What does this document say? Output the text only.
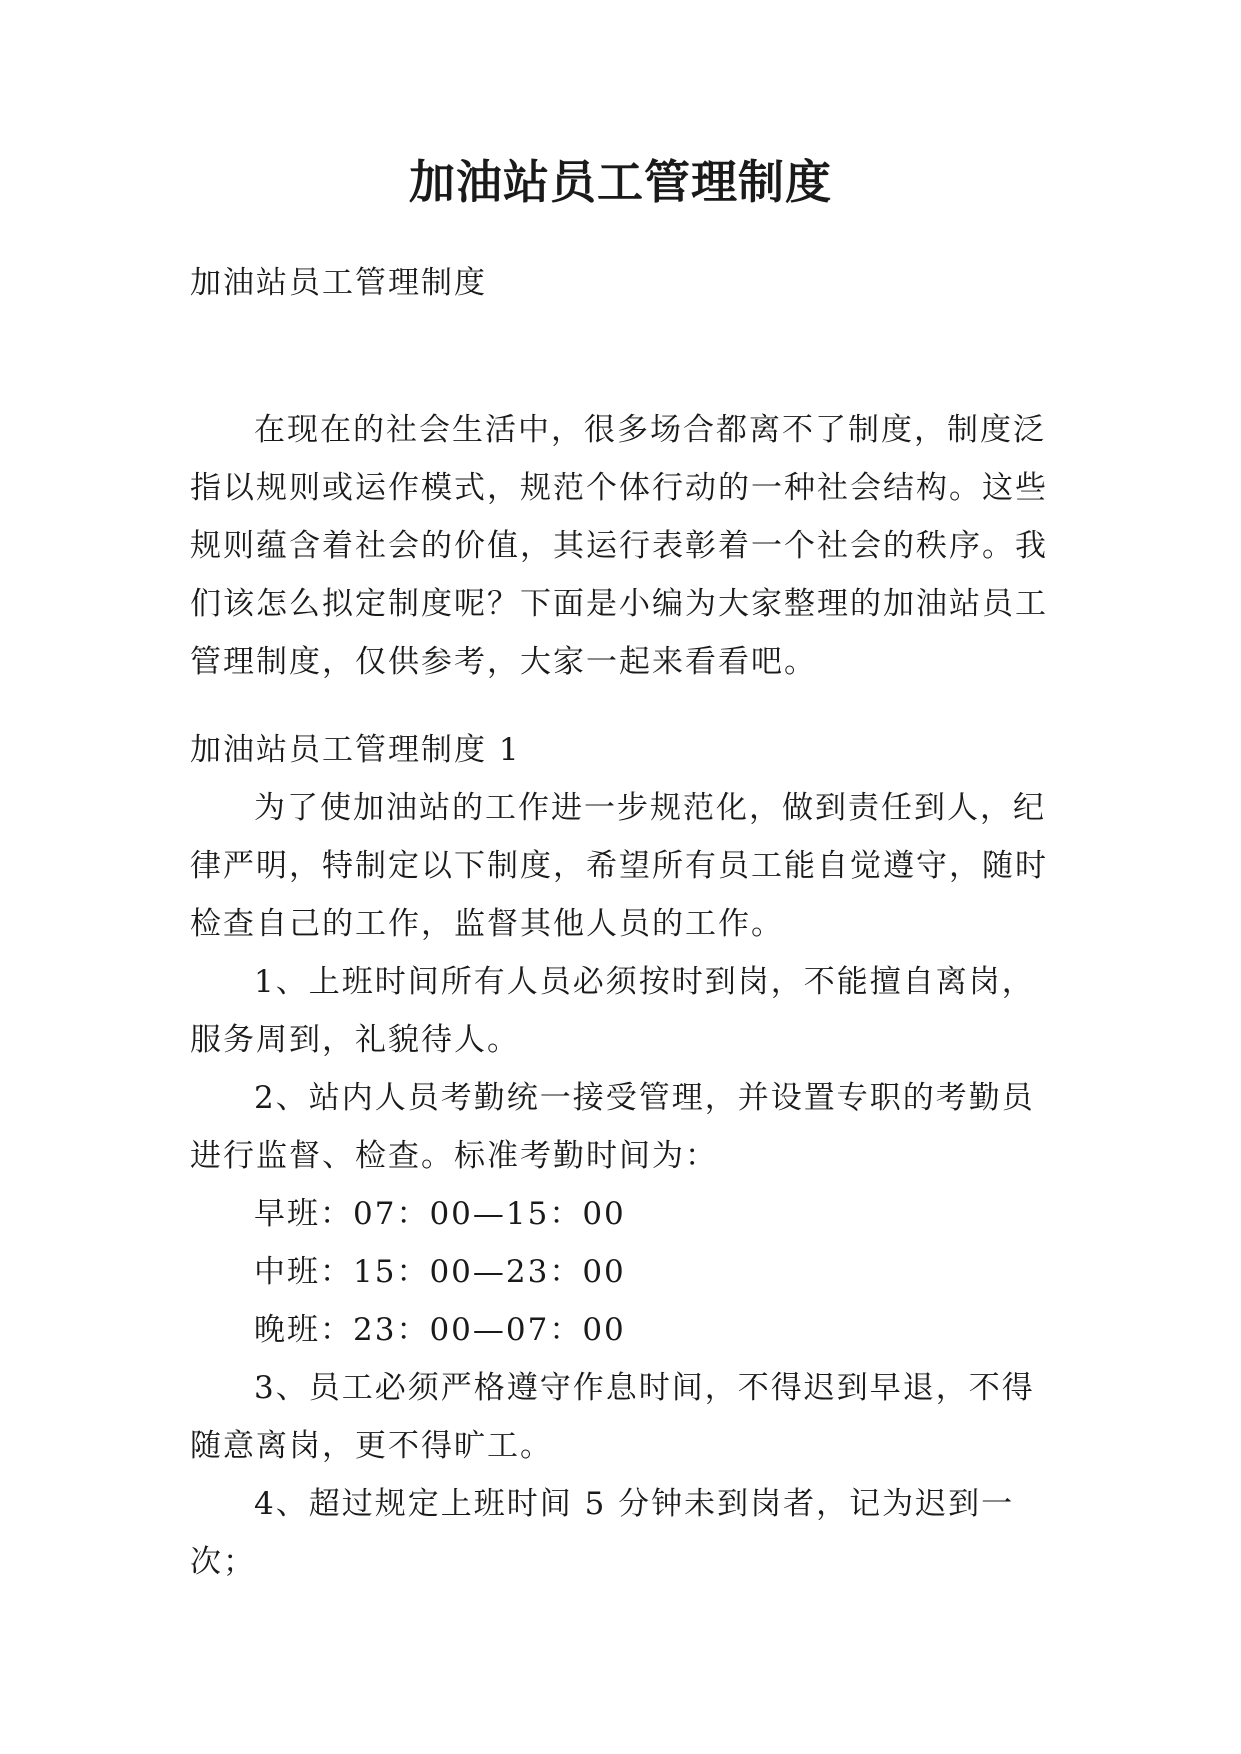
加油站员工管理制度

加油站员工管理制度

在现在的社会生活中，很多场合都离不了制度，制度泛指以规则或运作模式，规范个体行动的一种社会结构。这些规则蕴含着社会的价值，其运行表彰着一个社会的秩序。我们该怎么拟定制度呢？下面是小编为大家整理的加油站员工管理制度，仅供参考，大家一起来看看吧。

加油站员工管理制度 1

为了使加油站的工作进一步规范化，做到责任到人，纪律严明，特制定以下制度，希望所有员工能自觉遵守，随时检查自己的工作，监督其他人员的工作。

1、上班时间所有人员必须按时到岗，不能擅自离岗，服务周到，礼貌待人。

2、站内人员考勤统一接受管理，并设置专职的考勤员进行监督、检查。标准考勤时间为：

早班：07：00—15：00

中班：15：00—23：00

晚班：23：00—07：00

3、员工必须严格遵守作息时间，不得迟到早退，不得随意离岗，更不得旷工。

4、超过规定上班时间 5 分钟未到岗者，记为迟到一次；
